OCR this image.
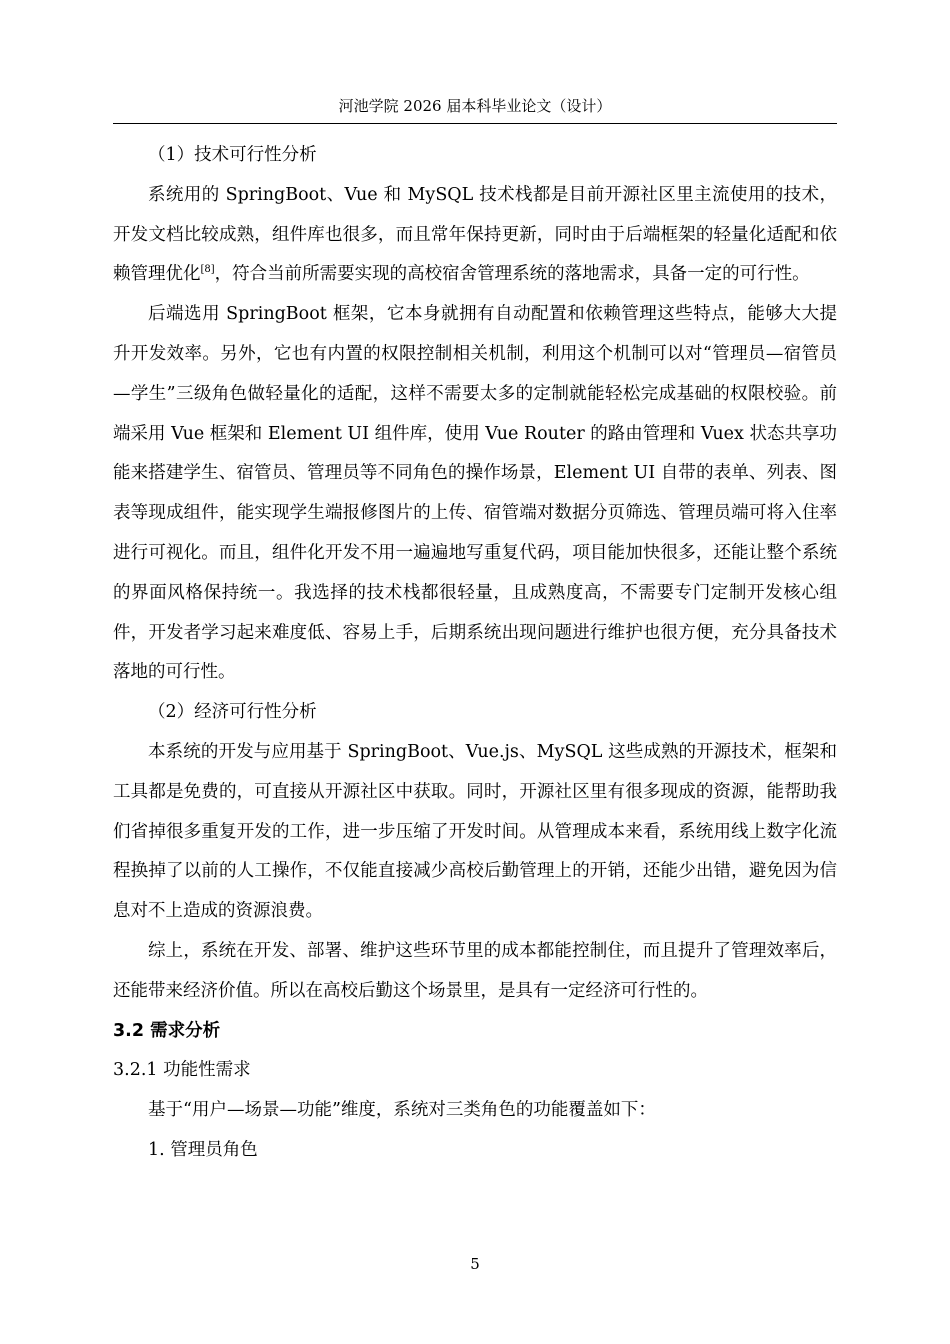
河池学院 2026 届本科毕业论文（设计）

（1）技术可行性分析

系统用的 SpringBoot、Vue 和 MySQL 技术栈都是目前开源社区里主流使用的技术，开发文档比较成熟，组件库也很多，而且常年保持更新，同时由于后端框架的轻量化适配和依赖管理优化[8]，符合当前所需要实现的高校宿舍管理系统的落地需求，具备一定的可行性。

后端选用 SpringBoot 框架，它本身就拥有自动配置和依赖管理这些特点，能够大大提升开发效率。另外，它也有内置的权限控制相关机制，利用这个机制可以对“管理员—宿管员—学生”三级角色做轻量化的适配，这样不需要太多的定制就能轻松完成基础的权限校验。前端采用 Vue 框架和 Element UI 组件库，使用 Vue Router 的路由管理和 Vuex 状态共享功能来搭建学生、宿管员、管理员等不同角色的操作场景，Element UI 自带的表单、列表、图表等现成组件，能实现学生端报修图片的上传、宿管端对数据分页筛选、管理员端可将入住率进行可视化。而且，组件化开发不用一遍遍地写重复代码，项目能加快很多，还能让整个系统的界面风格保持统一。我选择的技术栈都很轻量，且成熟度高，不需要专门定制开发核心组件，开发者学习起来难度低、容易上手，后期系统出现问题进行维护也很方便，充分具备技术落地的可行性。

（2）经济可行性分析

本系统的开发与应用基于 SpringBoot、Vue.js、MySQL 这些成熟的开源技术，框架和工具都是免费的，可直接从开源社区中获取。同时，开源社区里有很多现成的资源，能帮助我们省掉很多重复开发的工作，进一步压缩了开发时间。从管理成本来看，系统用线上数字化流程换掉了以前的人工操作，不仅能直接减少高校后勤管理上的开销，还能少出错，避免因为信息对不上造成的资源浪费。

综上，系统在开发、部署、维护这些环节里的成本都能控制住，而且提升了管理效率后，还能带来经济价值。所以在高校后勤这个场景里，是具有一定经济可行性的。

3.2 需求分析

3.2.1 功能性需求

基于“用户—场景—功能”维度，系统对三类角色的功能覆盖如下：

1. 管理员角色

5
